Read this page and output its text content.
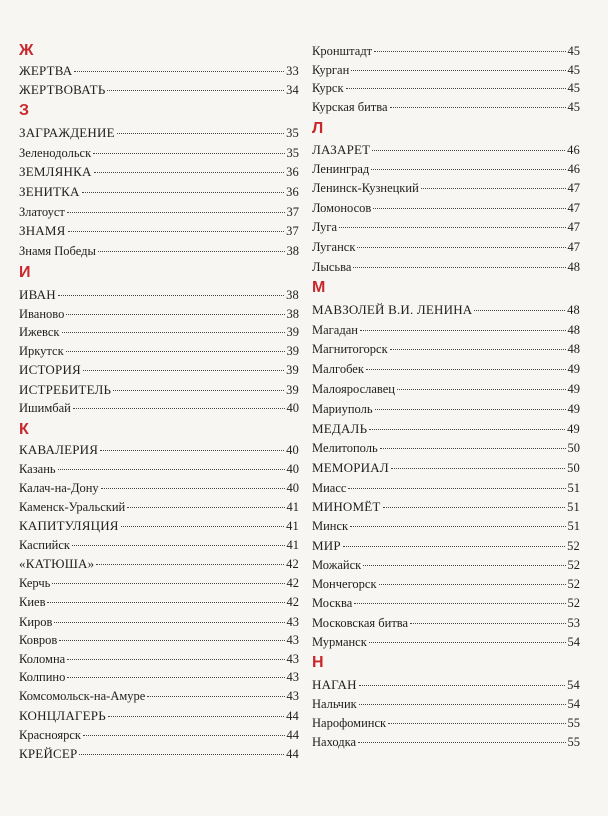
Ж
ЖЕРТВА	33
ЖЕРТВОВАТЬ	34
З
ЗАГРАЖДЕНИЕ	35
Зеленодольск	35
ЗЕМЛЯНКА	36
ЗЕНИТКА	36
Златоуст	37
ЗНАМЯ	37
Знамя Победы	38
И
ИВАН	38
Иваново	38
Ижевск	39
Иркутск	39
ИСТОРИЯ	39
ИСТРЕБИТЕЛЬ	39
Ишимбай	40
К
КАВАЛЕРИЯ	40
Казань	40
Калач-на-Дону	40
Каменск-Уральский	41
КАПИТУЛЯЦИЯ	41
Каспийск	41
«КАТЮША»	42
Керчь	42
Киев	42
Киров	43
Ковров	43
Коломна	43
Колпино	43
Комсомольск-на-Амуре	43
КОНЦЛАГЕРЬ	44
Красноярск	44
КРЕЙСЕР	44
Кронштадт	45
Курган	45
Курск	45
Курская битва	45
Л
ЛАЗАРЕТ	46
Ленинград	46
Ленинск-Кузнецкий	47
Ломоносов	47
Луга	47
Луганск	47
Лысьва	48
М
МАВЗОЛЕЙ В.И. ЛЕНИНА	48
Магадан	48
Магнитогорск	48
Малгобек	49
Малоярославец	49
Мариуполь	49
МЕДАЛЬ	49
Мелитополь	50
МЕМОРИАЛ	50
Миасс	51
МИНОМЁТ	51
Минск	51
МИР	52
Можайск	52
Мончегорск	52
Москва	52
Московская битва	53
Мурманск	54
Н
НАГАН	54
Нальчик	54
Нарофоминск	55
Находка	55
